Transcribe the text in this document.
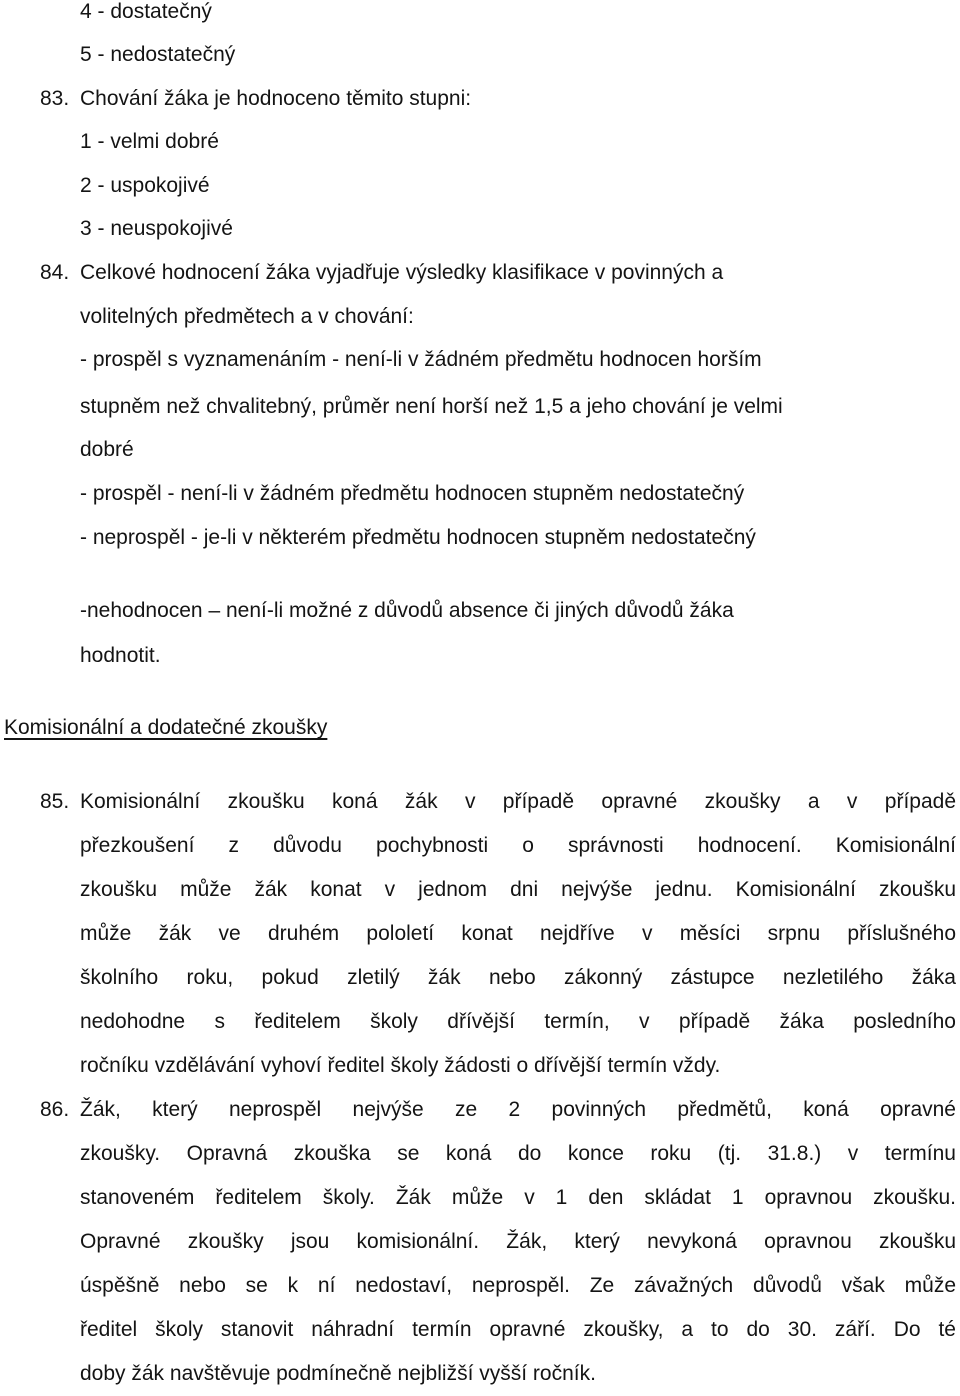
4 - dostatečný
5 - nedostatečný
83. Chování žáka je hodnoceno těmito stupni:
1 - velmi dobré
2 - uspokojivé
3 - neuspokojivé
84. Celkové hodnocení žáka vyjadřuje výsledky klasifikace v povinných a
volitelných předmětech a v chování:
- prospěl s vyznamenáním - není-li v žádném předmětu hodnocen horším
stupněm než chvalitebný, průměr není horší než 1,5 a jeho chování je velmi
dobré
- prospěl - není-li v žádném předmětu hodnocen stupněm nedostatečný
- neprospěl - je-li v některém předmětu hodnocen stupněm nedostatečný
-nehodnocen – není-li možné z důvodů absence či jiných důvodů žáka
hodnotit.
Komisionální a dodatečné zkoušky
85. Komisionální zkoušku koná žák v případě opravné zkoušky a v případě
přezkoušení z důvodu pochybnosti o správnosti hodnocení. Komisionální
zkoušku může žák konat v jednom dni nejvýše jednu. Komisionální zkoušku
může žák ve druhém pololetí konat nejdříve v měsíci srpnu příslušného
školního roku, pokud zletilý žák nebo zákonný zástupce nezletilého žáka
nedohodne s ředitelem školy dřívější termín, v případě žáka posledního
ročníku vzdělávání vyhoví ředitel školy žádosti o dřívější termín vždy.
86. Žák, který neprospěl nejvýše ze 2 povinných předmětů, koná opravné
zkoušky. Opravná zkouška se koná do konce roku (tj. 31.8.) v termínu
stanoveném ředitelem školy. Žák může v 1 den skládat 1 opravnou zkoušku.
Opravné zkoušky jsou komisionální. Žák, který nevykoná opravnou zkoušku
úspěšně nebo se k ní nedostaví, neprospěl. Ze závažných důvodů však může
ředitel školy stanovit náhradní termín opravné zkoušky, a to do 30. září. Do té
doby žák navštěvuje podmínečně nejbližší vyšší ročník.
